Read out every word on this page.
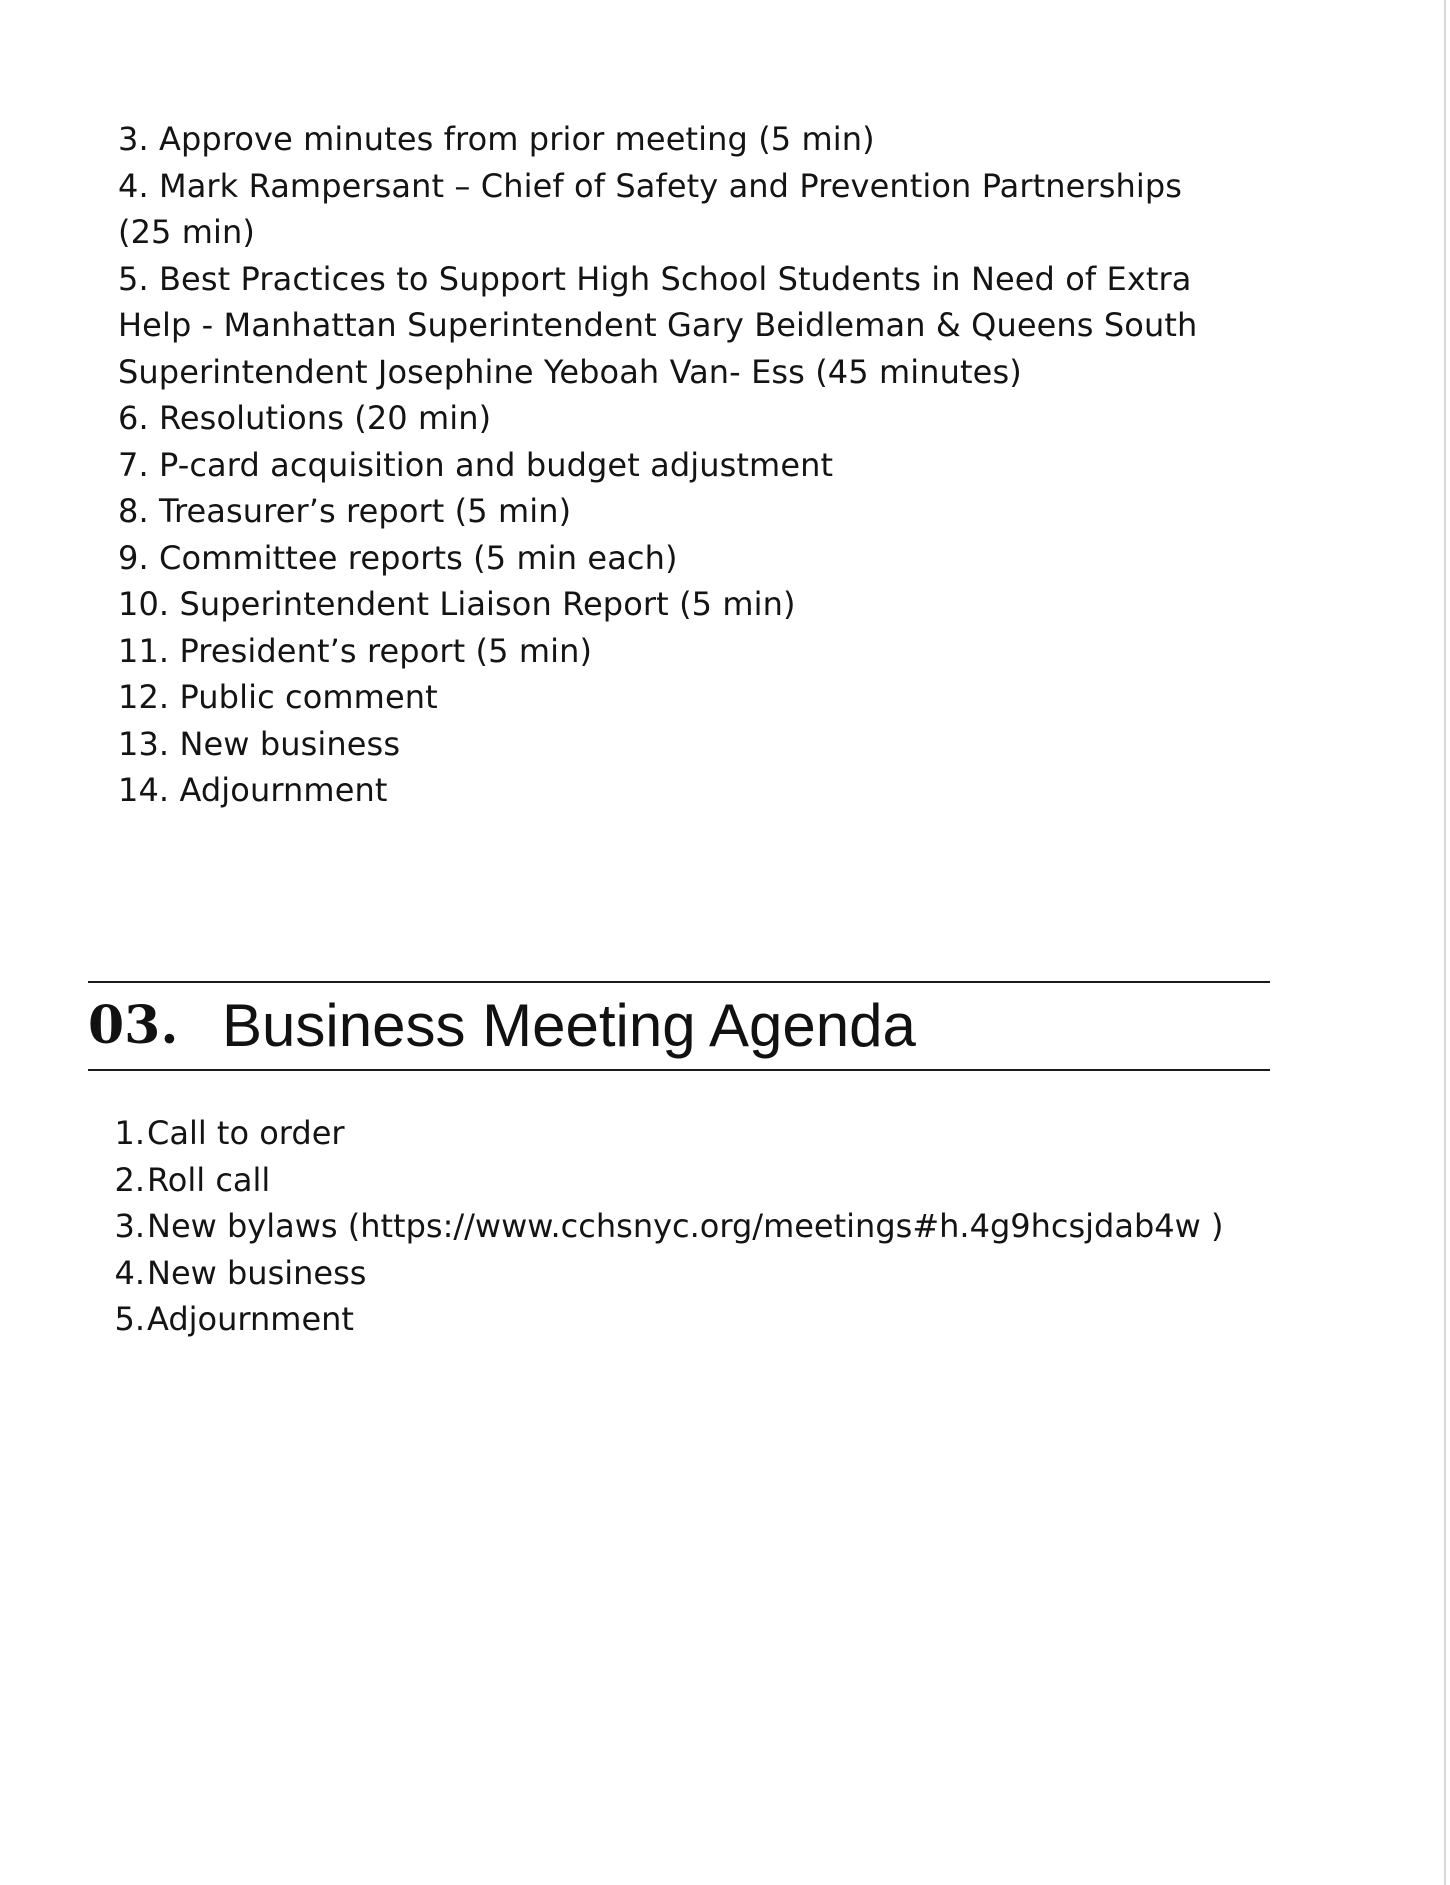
3. Approve minutes from prior meeting (5 min)
4. Mark Rampersant – Chief of Safety and Prevention Partnerships
(25 min)
5. Best Practices to Support High School Students in Need of Extra
Help - Manhattan Superintendent Gary Beidleman & Queens South
Superintendent Josephine Yeboah Van- Ess (45 minutes)
6. Resolutions (20 min)
7. P-card acquisition and budget adjustment
8. Treasurer’s report (5 min)
9. Committee reports (5 min each)
10. Superintendent Liaison Report (5 min)
11. President’s report (5 min)
12. Public comment
13. New business
14. Adjournment
03. Business Meeting Agenda
1. Call to order
2. Roll call
3. New bylaws (https://www.cchsnyc.org/meetings#h.4g9hcsjdab4w )
4. New business
5. Adjournment
